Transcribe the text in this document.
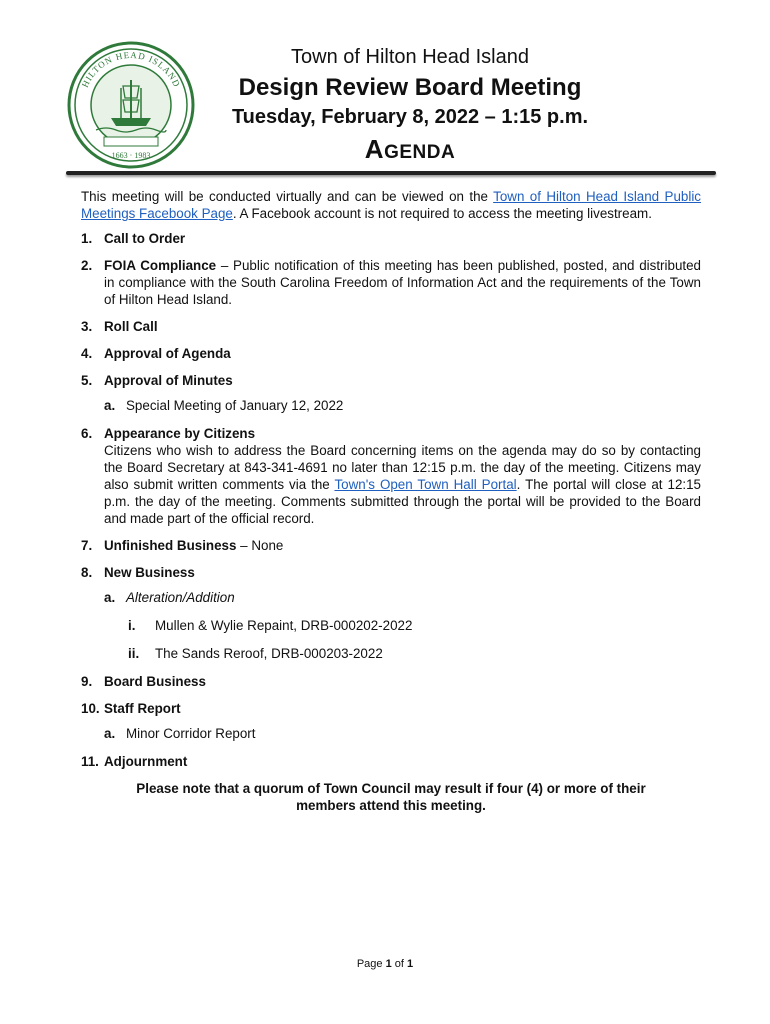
HILTON HEAD ISLAND
1663 · 1983
Town of Hilton Head Island
Design Review Board Meeting
Tuesday, February 8, 2022 – 1:15 p.m.
AGENDA

This meeting will be conducted virtually and can be viewed on the Town of Hilton Head Island Public Meetings Facebook Page. A Facebook account is not required to access the meeting livestream.

1. Call to Order
2. FOIA Compliance – Public notification of this meeting has been published, posted, and distributed in compliance with the South Carolina Freedom of Information Act and the requirements of the Town of Hilton Head Island.
3. Roll Call
4. Approval of Agenda
5. Approval of Minutes
a. Special Meeting of January 12, 2022
6. Appearance by Citizens
Citizens who wish to address the Board concerning items on the agenda may do so by contacting the Board Secretary at 843-341-4691 no later than 12:15 p.m. the day of the meeting. Citizens may also submit written comments via the Town's Open Town Hall Portal. The portal will close at 12:15 p.m. the day of the meeting. Comments submitted through the portal will be provided to the Board and made part of the official record.
7. Unfinished Business – None
8. New Business
a. Alteration/Addition
i. Mullen & Wylie Repaint, DRB-000202-2022
ii. The Sands Reroof, DRB-000203-2022
9. Board Business
10. Staff Report
a. Minor Corridor Report
11. Adjournment
Please note that a quorum of Town Council may result if four (4) or more of their members attend this meeting.
Page 1 of 1
